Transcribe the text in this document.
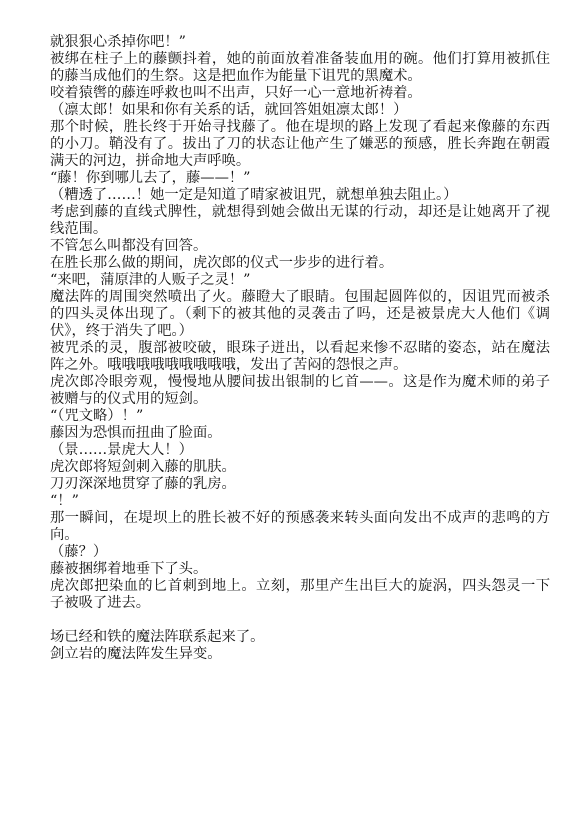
就狠狠心杀掉你吧！”

被绑在柱子上的藤颤抖着，她的前面放着准备装血用的碗。他们打算用被抓住的藤当成他们的生祭。这是把血作为能量下诅咒的黑魔术。

咬着猿辔的藤连呼救也叫不出声，只好一心一意地祈祷着。

（凛太郎！如果和你有关系的话，就回答姐姐凛太郎！）

那个时候，胜长终于开始寻找藤了。他在堤坝的路上发现了看起来像藤的东西的小刀。鞘没有了。拔出了刀的状态让他产生了嫌恶的预感，胜长奔跑在朝霞满天的河边，拼命地大声呼唤。

“藤！你到哪儿去了，藤——！”

（糟透了……！她一定是知道了晴家被诅咒，就想单独去阻止。）

考虑到藤的直线式脾性，就想得到她会做出无谋的行动，却还是让她离开了视线范围。

不管怎么叫都没有回答。

在胜长那么做的期间，虎次郎的仪式一步步的进行着。

“来吧，蒲原津的人贩子之灵！”

魔法阵的周围突然喷出了火。藤瞪大了眼睛。包围起圆阵似的，因诅咒而被杀的四头灵体出现了。（剩下的被其他的灵袭击了吗，还是被景虎大人他们《调伏》，终于消失了吧。）

被咒杀的灵，腹部被咬破，眼珠子迸出，以看起来惨不忍睹的姿态，站在魔法阵之外。哦哦哦哦哦哦哦哦哦，发出了苦闷的怨恨之声。

虎次郎冷眼旁观，慢慢地从腰间拔出银制的匕首——。这是作为魔术师的弟子被赠与的仪式用的短剑。

“（咒文略）！”

藤因为恐惧而扭曲了脸面。

（景……景虎大人！）

虎次郎将短剑刺入藤的肌肤。

刀刃深深地贯穿了藤的乳房。

“！”

那一瞬间，在堤坝上的胜长被不好的预感袭来转头面向发出不成声的悲鸣的方向。

（藤？）

藤被捆绑着地垂下了头。

虎次郎把染血的匕首刺到地上。立刻，那里产生出巨大的旋涡，四头怨灵一下子被吸了进去。

场已经和铁的魔法阵联系起来了。

剑立岩的魔法阵发生异变。
